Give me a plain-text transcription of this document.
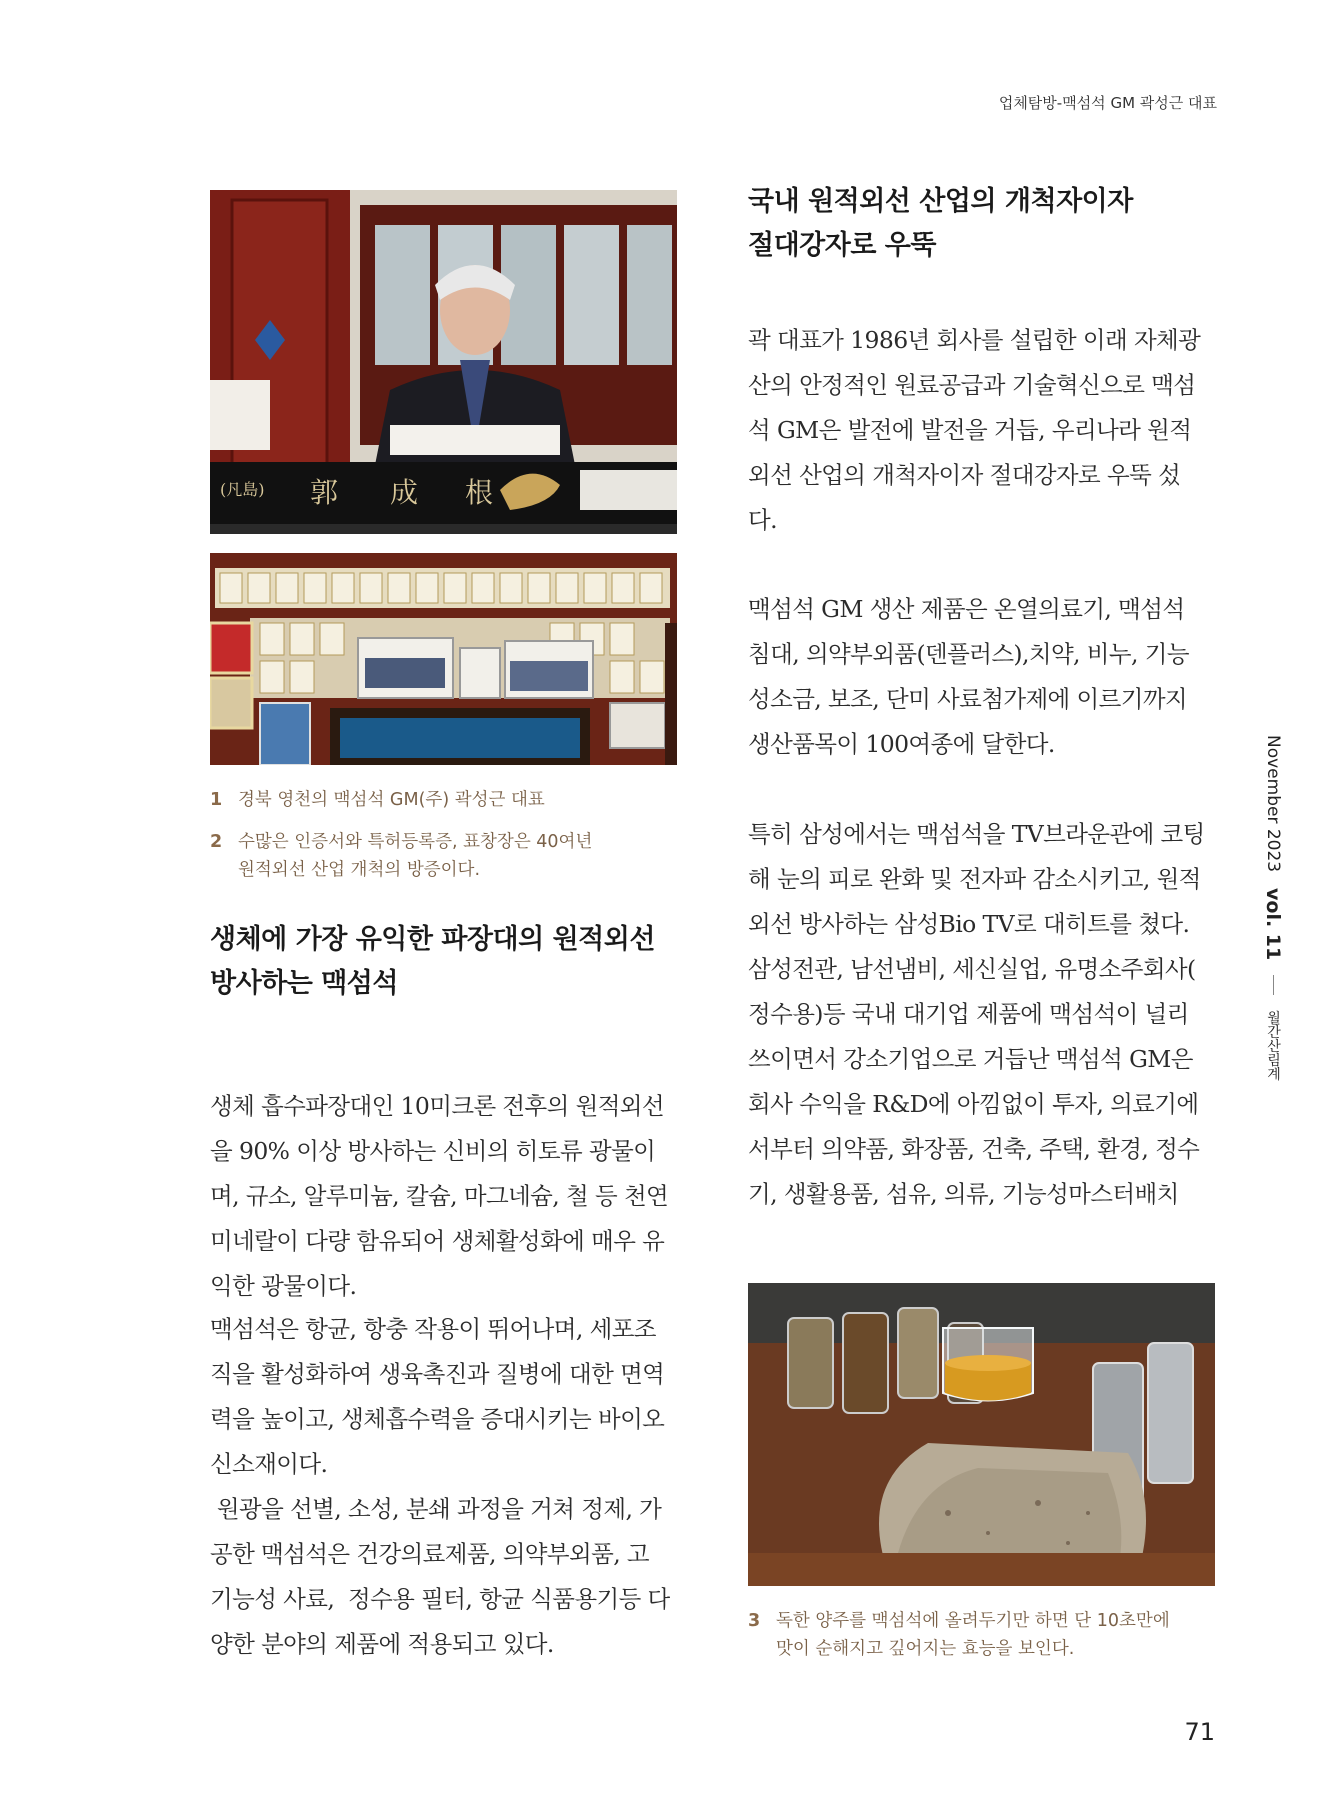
업체탐방-맥섬석 GM 곽성근 대표
(凡島) 郭 成 根
1 경북 영천의 맥섬석 GM(주) 곽성근 대표
2 수많은 인증서와 특허등록증, 표창장은 40여년
원적외선 산업 개척의 방증이다.
생체에 가장 유익한 파장대의 원적외선
방사하는 맥섬석
생체 흡수파장대인 10미크론 전후의 원적외선
을 90% 이상 방사하는 신비의 히토류 광물이
며, 규소, 알루미늄, 칼슘, 마그네슘, 철 등 천연
미네랄이 다량 함유되어 생체활성화에 매우 유
익한 광물이다.
맥섬석은 항균, 항충 작용이 뛰어나며, 세포조
직을 활성화하여 생육촉진과 질병에 대한 면역
력을 높이고, 생체흡수력을 증대시키는 바이오
신소재이다.
원광을 선별, 소성, 분쇄 과정을 거쳐 정제, 가
공한 맥섬석은 건강의료제품, 의약부외품, 고
기능성 사료,  정수용 필터, 항균 식품용기등 다
양한 분야의 제품에 적용되고 있다.
국내 원적외선 산업의 개척자이자
절대강자로 우뚝
곽 대표가 1986년 회사를 설립한 이래 자체광
산의 안정적인 원료공급과 기술혁신으로 맥섬
석 GM은 발전에 발전을 거듭, 우리나라 원적
외선 산업의 개척자이자 절대강자로 우뚝 섰
다.
맥섬석 GM 생산 제품은 온열의료기, 맥섬석
침대, 의약부외품(덴플러스),치약, 비누, 기능
성소금, 보조, 단미 사료첨가제에 이르기까지
생산품목이 100여종에 달한다.
특히 삼성에서는 맥섬석을 TV브라운관에 코팅
해 눈의 피로 완화 및 전자파 감소시키고, 원적
외선 방사하는 삼성Bio TV로 대히트를 쳤다.
삼성전관, 남선냄비, 세신실업, 유명소주회사(
정수용)등 국내 대기업 제품에 맥섬석이 널리
쓰이면서 강소기업으로 거듭난 맥섬석 GM은
회사 수익을 R&D에 아낌없이 투자, 의료기에
서부터 의약품, 화장품, 건축, 주택, 환경, 정수
기, 생활용품, 섬유, 의류, 기능성마스터배치
3 독한 양주를 맥섬석에 올려두기만 하면 단 10초만에
맛이 순해지고 깊어지는 효능을 보인다.
November 2023 vol. 11  월간산림계
71
